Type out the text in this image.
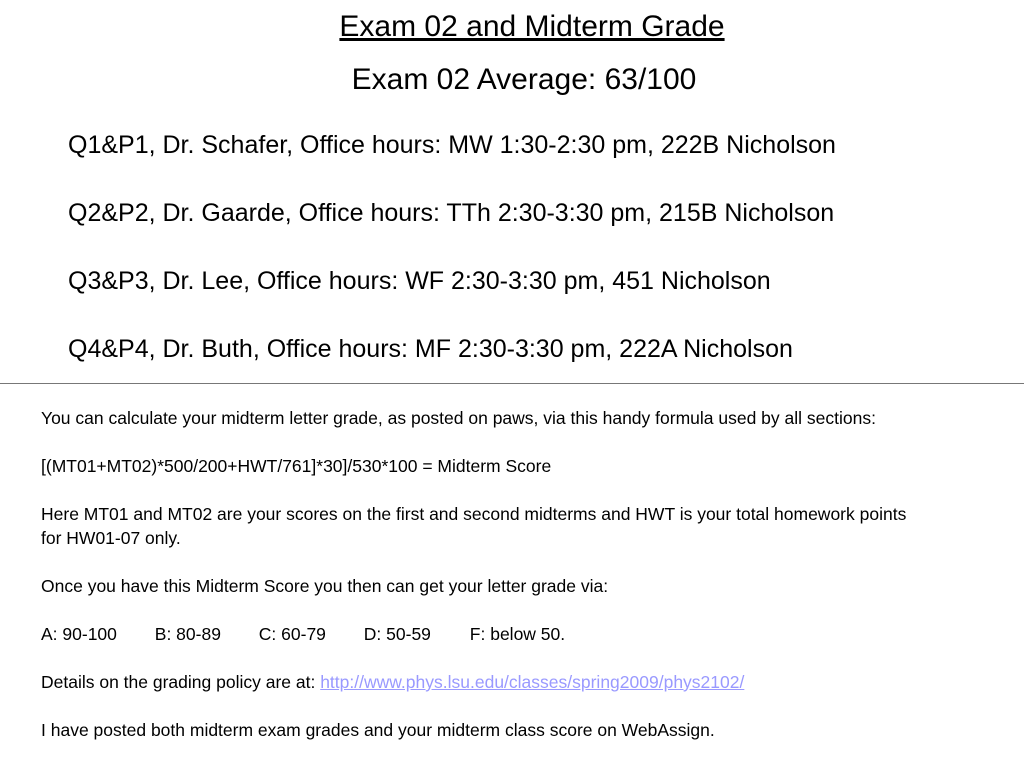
Exam 02 and Midterm Grade
Exam 02 Average: 63/100
Q1&P1, Dr. Schafer, Office hours: MW 1:30-2:30 pm, 222B Nicholson
Q2&P2, Dr. Gaarde, Office hours: TTh 2:30-3:30 pm, 215B Nicholson
Q3&P3, Dr. Lee, Office hours: WF 2:30-3:30 pm, 451 Nicholson
Q4&P4, Dr. Buth, Office hours: MF 2:30-3:30 pm, 222A Nicholson

You can calculate your midterm letter grade, as posted on paws, via this handy formula used by all sections:

[(MT01+MT02)*500/200+HWT/761]*30]/530*100 = Midterm Score

Here MT01 and MT02 are your scores on the first and second midterms and HWT is your total homework points for HW01-07 only.

Once you have this Midterm Score you then can get your letter grade via:

A: 90-100 B: 80-89 C: 60-79 D: 50-59 F: below 50.

Details on the grading policy are at: http://www.phys.lsu.edu/classes/spring2009/phys2102/

I have posted both midterm exam grades and your midterm class score on WebAssign.
